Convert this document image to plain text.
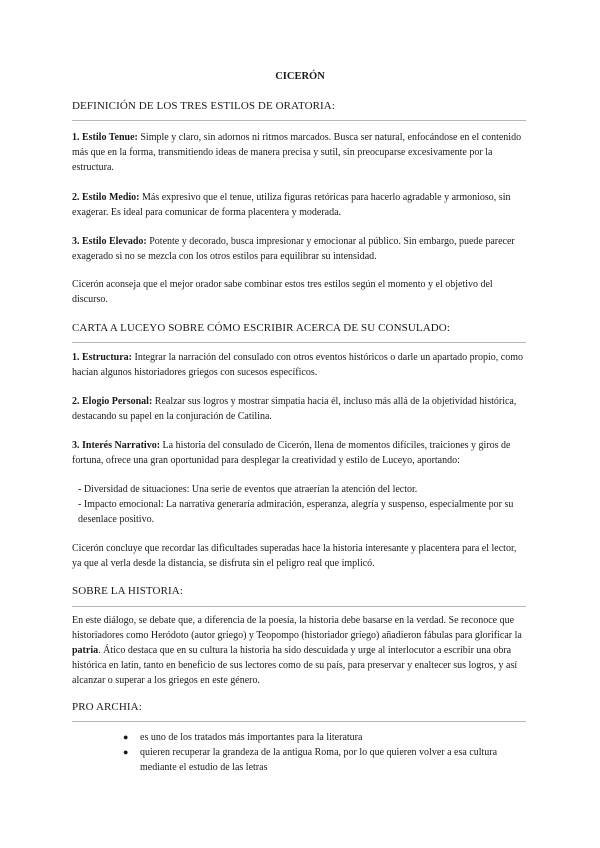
CICERÓN
DEFINICIÓN DE LOS TRES ESTILOS DE ORATORIA:
1. Estilo Tenue: Simple y claro, sin adornos ni ritmos marcados. Busca ser natural, enfocándose en el contenido más que en la forma, transmitiendo ideas de manera precisa y sutil, sin preocuparse excesivamente por la estructura.
2. Estilo Medio: Más expresivo que el tenue, utiliza figuras retóricas para hacerlo agradable y armonioso, sin exagerar. Es ideal para comunicar de forma placentera y moderada.
3. Estilo Elevado: Potente y decorado, busca impresionar y emocionar al público. Sin embargo, puede parecer exagerado si no se mezcla con los otros estilos para equilibrar su intensidad.
Cicerón aconseja que el mejor orador sabe combinar estos tres estilos según el momento y el objetivo del discurso.
CARTA A LUCEYO SOBRE CÓMO ESCRIBIR ACERCA DE SU CONSULADO:
1. Estructura: Integrar la narración del consulado con otros eventos históricos o darle un apartado propio, como hacían algunos historiadores griegos con sucesos específicos.
2. Elogio Personal: Realzar sus logros y mostrar simpatía hacia él, incluso más allá de la objetividad histórica, destacando su papel en la conjuración de Catilina.
3. Interés Narrativo: La historia del consulado de Cicerón, llena de momentos difíciles, traiciones y giros de fortuna, ofrece una gran oportunidad para desplegar la creatividad y estilo de Luceyo, aportando:
- Diversidad de situaciones: Una serie de eventos que atraerían la atención del lector.
- Impacto emocional: La narrativa generaría admiración, esperanza, alegría y suspenso, especialmente por su desenlace positivo.
Cicerón concluye que recordar las dificultades superadas hace la historia interesante y placentera para el lector, ya que al verla desde la distancia, se disfruta sin el peligro real que implicó.
SOBRE LA HISTORIA:
En este diálogo, se debate que, a diferencia de la poesía, la historia debe basarse en la verdad. Se reconoce que historiadores como Heródoto (autor griego) y Teopompo (historiador griego) añadieron fábulas para glorificar la patria. Ático destaca que en su cultura la historia ha sido descuidada y urge al interlocutor a escribir una obra histórica en latín, tanto en beneficio de sus lectores como de su país, para preservar y enaltecer sus logros, y así alcanzar o superar a los griegos en este género.
PRO ARCHIA:
● es uno de los tratados más importantes para la literatura
● quieren recuperar la grandeza de la antigua Roma, por lo que quieren volver a esa cultura mediante el estudio de las letras
